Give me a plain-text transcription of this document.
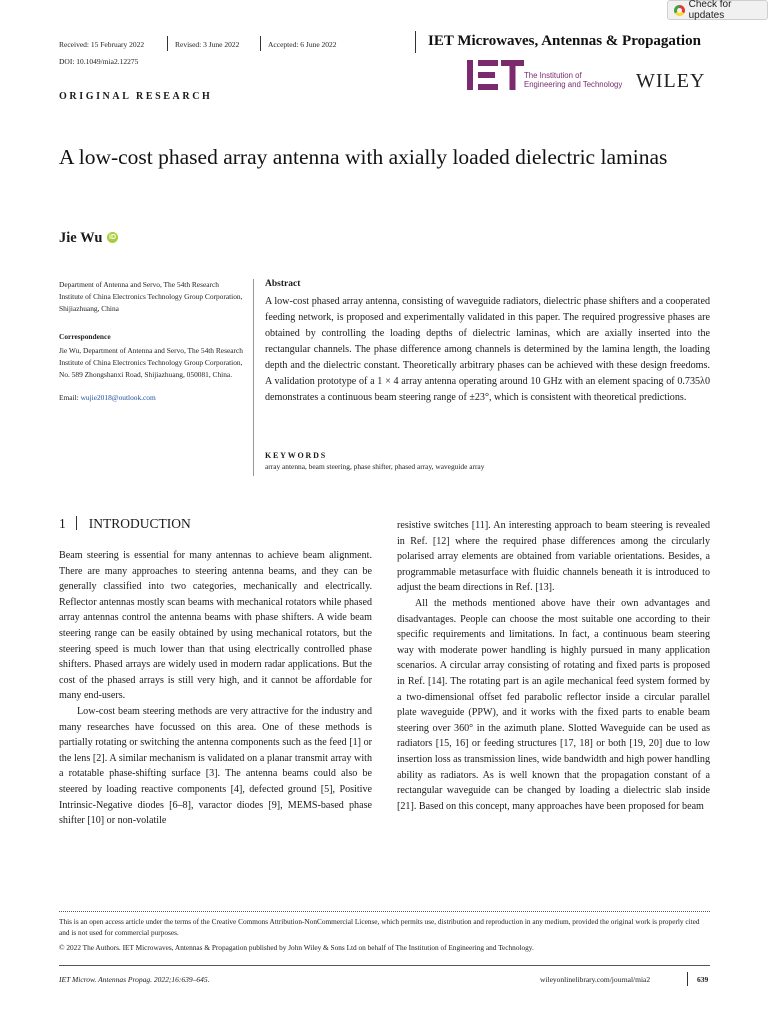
Check for updates
Received: 15 February 2022	Revised: 3 June 2022	Accepted: 6 June 2022	IET Microwaves, Antennas & Propagation
DOI: 10.1049/mia2.12275
The Institution of
Engineering and Technology WILEY
ORIGINAL RESEARCH
A low-cost phased array antenna with axially loaded dielectric laminas
Jie Wu iD
Department of Antenna and Servo, The 54th Research Institute of China Electronics Technology Group Corporation, Shijiazhuang, China
Correspondence
Jie Wu, Department of Antenna and Servo, The 54th Research Institute of China Electronics Technology Group Corporation, No. 589 Zhongshanxi Road, Shijiazhuang, 050081, China.
Email: wujie2018@outlook.com
Abstract
A low-cost phased array antenna, consisting of waveguide radiators, dielectric phase shifters and a cooperated feeding network, is proposed and experimentally validated in this paper. The required progressive phases are obtained by controlling the loading depths of dielectric laminas, which are axially inserted into the rectangular channels. The phase difference among channels is determined by the lamina length, the loading depth and the dielectric constant. Theoretically arbitrary phases can be achieved with these design freedoms. A validation prototype of a 1 × 4 array antenna operating around 10 GHz with an element spacing of 0.735λ0 demonstrates a continuous beam steering range of ±23°, which is consistent with theoretical predictions.
KEYWORDS
array antenna, beam steering, phase shifter, phased array, waveguide array
1 INTRODUCTION

Beam steering is essential for many antennas to achieve beam alignment. There are many approaches to steering antenna beams, and they can be generally classified into two categories, mechanically and electrically. Reflector antennas mostly scan beams with mechanical rotators while phased array antennas control the antenna beams with phase shifters. A wide beam steering range can be easily obtained by using mechanical rotators, but the steering speed is much lower than that using electrically controlled phase shifters. Phased arrays are widely used in modern radar applications. But the cost of the phased arrays is still very high, and it cannot be affordable for many end-users.

Low-cost beam steering methods are very attractive for the industry and many researches have focussed on this area. One of these methods is partially rotating or switching the antenna components such as the feed [1] or the lens [2]. A similar mechanism is validated on a planar transmit array with a rotatable phase-shifting surface [3]. The antenna beams could also be steered by loading reactive components [4], defected ground [5], Positive Intrinsic-Negative diodes [6–8], varactor diodes [9], MEMS-based phase shifter [10] or non-volatile

resistive switches [11]. An interesting approach to beam steering is revealed in Ref. [12] where the required phase differences among the circularly polarised array elements are obtained from variable orientations. Besides, a programmable metasurface with fluidic channels beneath it is introduced to adjust the beam directions in Ref. [13].

All the methods mentioned above have their own advantages and disadvantages. People can choose the most suitable one according to their specific requirements and limitations. In fact, a continuous beam steering way with moderate power handling is highly pursued in many application scenarios. A circular array consisting of rotating and fixed parts is proposed in Ref. [14]. The rotating part is an agile mechanical feed system formed by a two-dimensional offset fed parabolic reflector inside a circular parallel plate waveguide (PPW), and it works with the fixed parts to enable beam steering over 360° in the azimuth plane. Slotted Waveguide can be used as radiators [15, 16] or feeding structures [17, 18] or both [19, 20] due to low insertion loss as transmission lines, wide bandwidth and high power handling ability as radiators. As is well known that the propagation constant of a rectangular waveguide can be changed by loading a dielectric slab inside [21]. Based on this concept, many approaches have been proposed for beam

This is an open access article under the terms of the Creative Commons Attribution-NonCommercial License, which permits use, distribution and reproduction in any medium, provided the original work is properly cited and is not used for commercial purposes.
© 2022 The Authors. IET Microwaves, Antennas & Propagation published by John Wiley & Sons Ltd on behalf of The Institution of Engineering and Technology.
IET Microw. Antennas Propag. 2022;16:639–645.	wileyonlinelibrary.com/journal/mia2	639
